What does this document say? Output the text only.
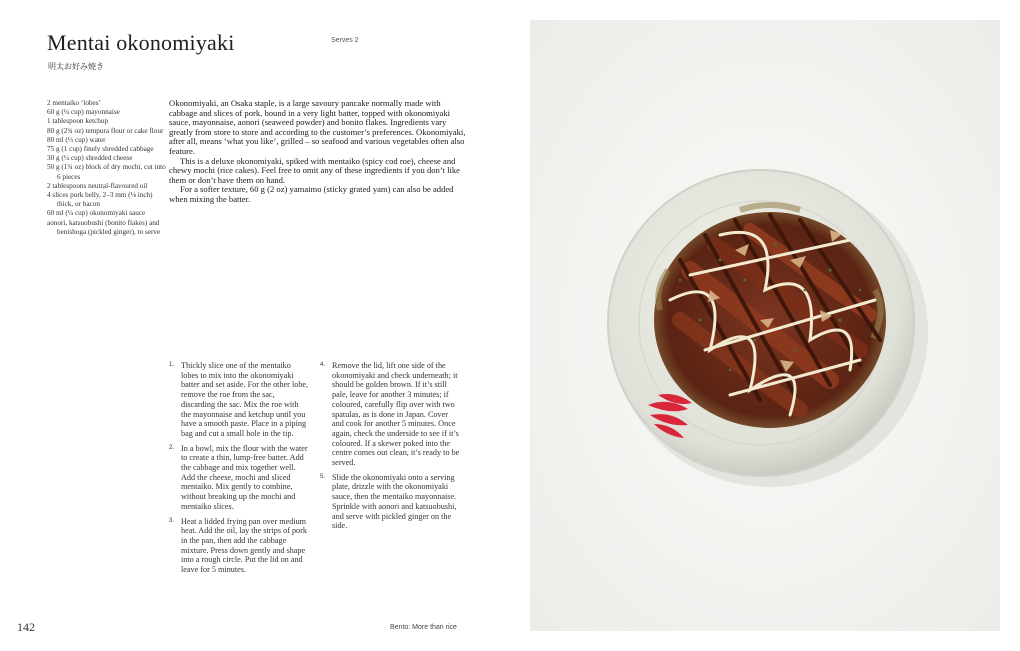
Mentai okonomiyaki
明太お好み焼き
Serves 2
2 mentaiko ‘lobes’
60 g (¼ cup) mayonnaise
1 tablespoon ketchup
80 g (2¾ oz) tempura flour or cake flour
80 ml (⅓ cup) water
75 g (1 cup) finely shredded cabbage
30 g (¼ cup) shredded cheese
50 g (1¾ oz) block of dry mochi, cut into 6 pieces
2 tablespoons neutral-flavoured oil
4 slices pork belly, 2–3 mm (⅛ inch) thick, or bacon
60 ml (¼ cup) okonomiyaki sauce
aonori, katsuobushi (bonito flakes) and benishoga (pickled ginger), to serve

Okonomiyaki, an Osaka staple, is a large savoury pancake normally made with cabbage and slices of pork, bound in a very light batter, topped with okonomiyaki sauce, mayonnaise, aonori (seaweed powder) and bonito flakes. Ingredients vary greatly from store to store and according to the customer’s preferences. Okonomiyaki, after all, means ‘what you like’, grilled – so seafood and various vegetables often also feature.

This is a deluxe okonomiyaki, spiked with mentaiko (spicy cod roe), cheese and chewy mochi (rice cakes). Feel free to omit any of these ingredients if you don’t like them or don’t have them on hand.

For a softer texture, 60 g (2 oz) yamaimo (sticky grated yam) can also be added when mixing the batter.

1. Thickly slice one of the mentaiko lobes to mix into the okonomiyaki batter and set aside. For the other lobe, remove the roe from the sac, discarding the sac. Mix the roe with the mayonnaise and ketchup until you have a smooth paste. Place in a piping bag and cut a small hole in the tip.
2. In a bowl, mix the flour with the water to create a thin, lump-free batter. Add the cabbage and mix together well. Add the cheese, mochi and sliced mentaiko. Mix gently to combine, without breaking up the mochi and mentaiko slices.
3. Heat a lidded frying pan over medium heat. Add the oil, lay the strips of pork in the pan, then add the cabbage mixture. Press down gently and shape into a rough circle. Put the lid on and leave for 5 minutes.
4. Remove the lid, lift one side of the okonomiyaki and check underneath; it should be golden brown. If it’s still pale, leave for another 3 minutes; if coloured, carefully flip over with two spatulas, as is done in Japan. Cover and cook for another 5 minutes. Once again, check the underside to see if it’s coloured. If a skewer poked into the centre comes out clean, it’s ready to be served.
5. Slide the okonomiyaki onto a serving plate, drizzle with the okonomiyaki sauce, then the mentaiko mayonnaise. Sprinkle with aonori and katsuobushi, and serve with pickled ginger on the side.
142	Bento: More than rice
